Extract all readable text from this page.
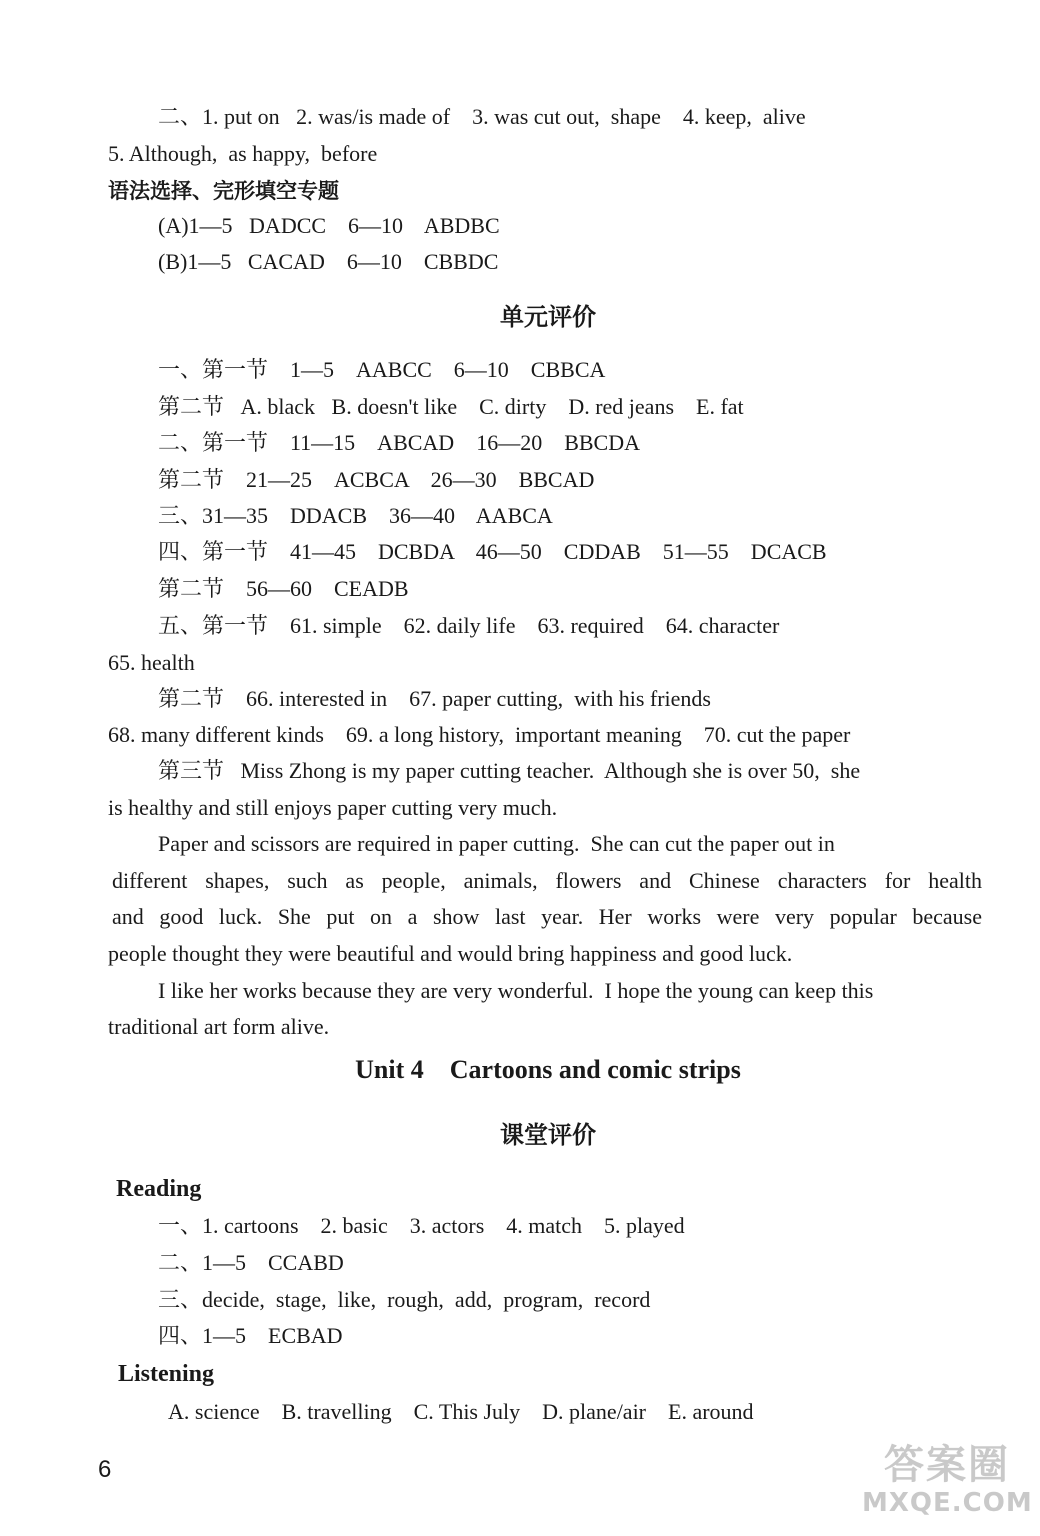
二、1. put on   2. was/is made of    3. was cut out,  shape    4. keep,  alive
5. Although,  as happy,  before
语法选择、完形填空专题
(A)1—5   DADCC    6—10    ABDBC
(B)1—5   CACAD    6—10    CBBDC
单元评价
一、第一节    1—5    AABCC    6—10    CBBCA
第二节   A. black   B. doesn't like    C. dirty    D. red jeans    E. fat
二、第一节    11—15    ABCAD    16—20    BBCDA
第二节    21—25    ACBCA    26—30    BBCAD
三、31—35    DDACB    36—40    AABCA
四、第一节    41—45    DCBDA    46—50    CDDAB    51—55    DCACB
第二节    56—60    CEADB
五、第一节    61. simple    62. daily life    63. required    64. character
65. health
第二节    66. interested in    67. paper cutting,  with his friends
68. many different kinds    69. a long history,  important meaning    70. cut the paper
第三节   Miss Zhong is my paper cutting teacher.  Although she is over 50,  she
is healthy and still enjoys paper cutting very much.
Paper and scissors are required in paper cutting.  She can cut the paper out in
different shapes, such as people, animals, flowers and Chinese characters for health
and good luck. She put on a show last year. Her works were very popular because
people thought they were beautiful and would bring happiness and good luck.
I like her works because they are very wonderful.  I hope the young can keep this
traditional art form alive.
Unit 4    Cartoons and comic strips
课堂评价
Reading
一、1. cartoons    2. basic    3. actors    4. match    5. played
二、1—5    CCABD
三、decide,  stage,  like,  rough,  add,  program,  record
四、1—5    ECBAD
Listening
A. science    B. travelling    C. This July    D. plane/air    E. around
6	答案圈
MXQE.COM
